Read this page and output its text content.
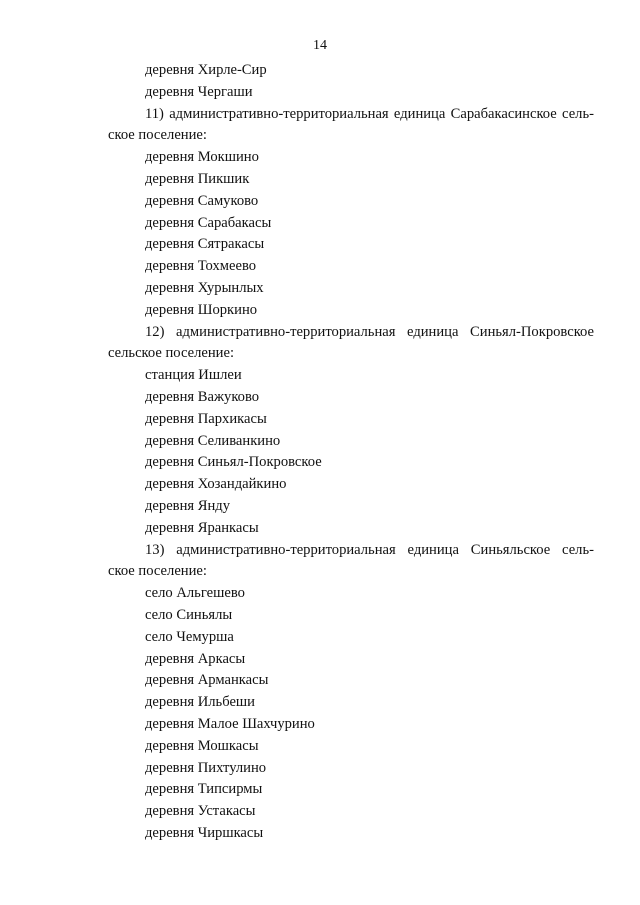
14
деревня Хирле-Сир
деревня Чергаши
11) административно-территориальная единица Сарабакасинское сель-
ское поселение:
деревня Мокшино
деревня Пикшик
деревня Самуково
деревня Сарабакасы
деревня Сятракасы
деревня Тохмеево
деревня Хурынлых
деревня Шоркино
12) административно-территориальная единица Синьял-Покровское
сельское поселение:
станция Ишлеи
деревня Важуково
деревня Пархикасы
деревня Селиванкино
деревня Синьял-Покровское
деревня Хозандайкино
деревня Янду
деревня Яранкасы
13) административно-территориальная единица Синьяльское сель-
ское поселение:
село Альгешево
село Синьялы
село Чемурша
деревня Аркасы
деревня Арманкасы
деревня Ильбеши
деревня Малое Шахчурино
деревня Мошкасы
деревня Пихтулино
деревня Типсирмы
деревня Устакасы
деревня Чиршкасы
